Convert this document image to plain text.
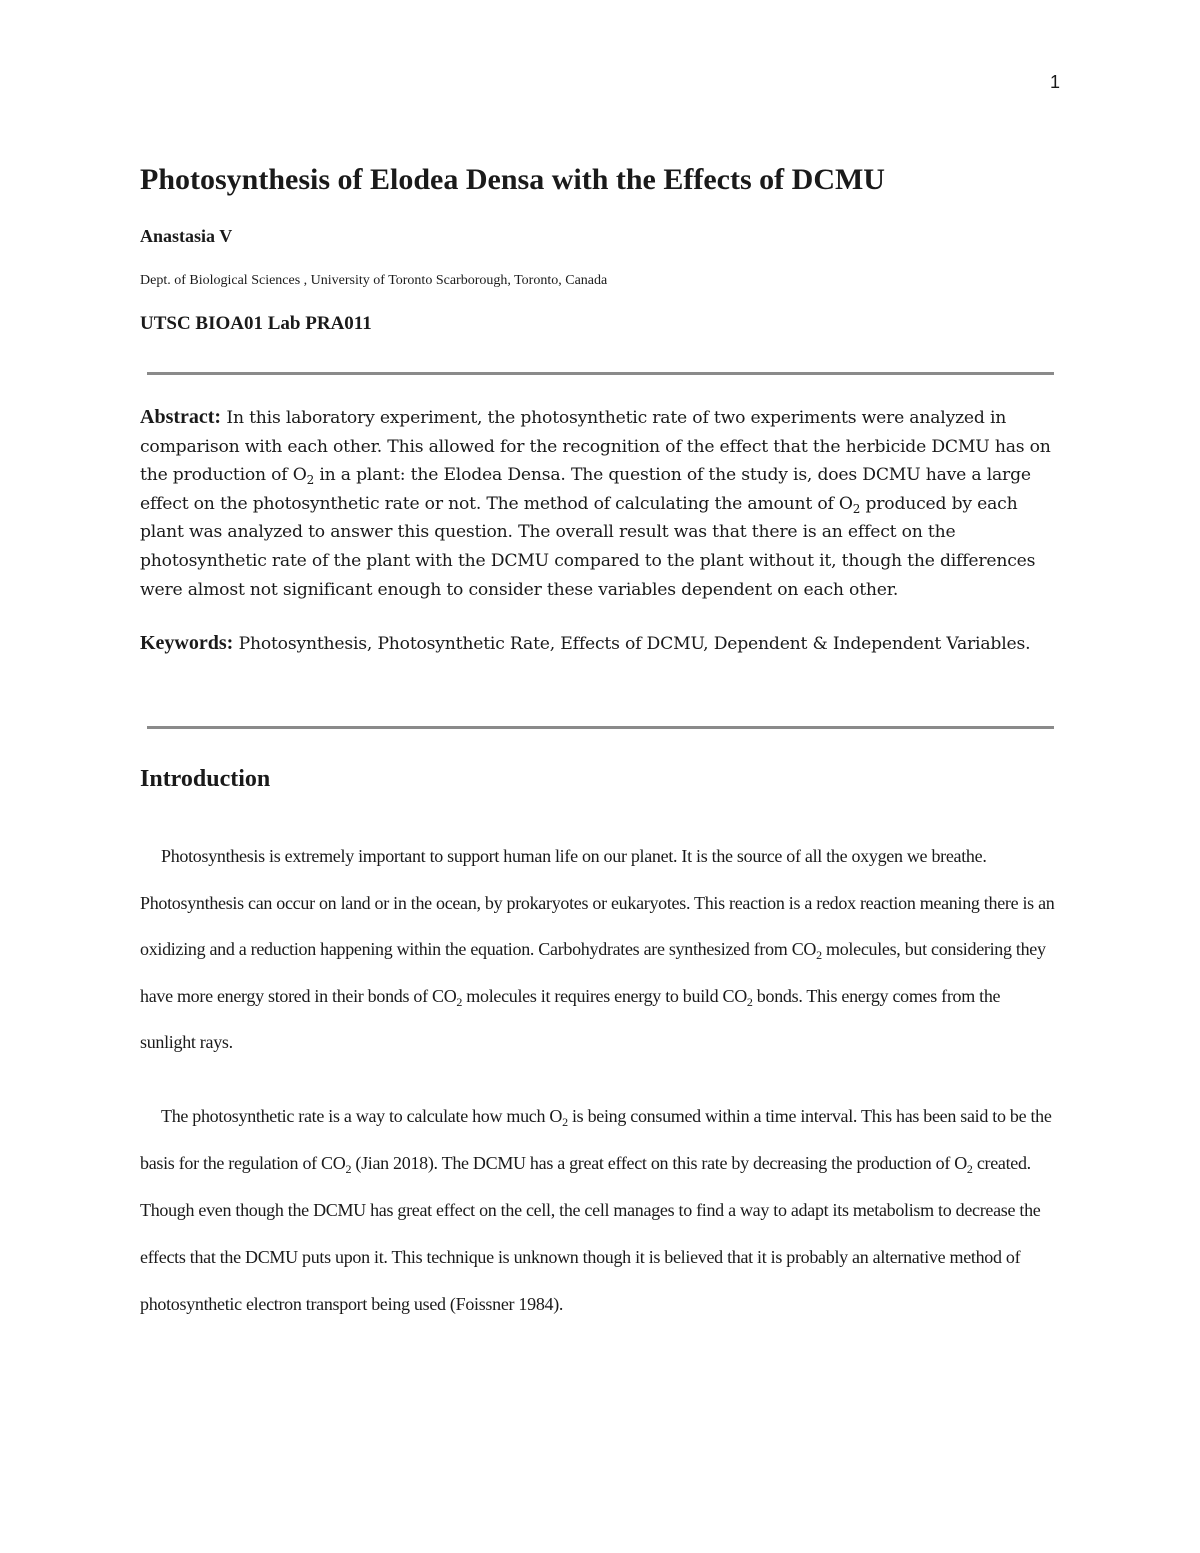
1
Photosynthesis of Elodea Densa with the Effects of DCMU
Anastasia V
Dept. of Biological Sciences , University of Toronto Scarborough, Toronto, Canada
UTSC BIOA01 Lab PRA011

Abstract: In this laboratory experiment, the photosynthetic rate of two experiments were analyzed in comparison with each other. This allowed for the recognition of the effect that the herbicide DCMU has on the production of $O_2$ in a plant: the Elodea Densa. The question of the study is, does DCMU have a large effect on the photosynthetic rate or not. The method of calculating the amount of $O_2$ produced by each plant was analyzed to answer this question. The overall result was that there is an effect on the photosynthetic rate of the plant with the DCMU compared to the plant without it, though the differences were almost not significant enough to consider these variables dependent on each other.

Keywords: Photosynthesis, Photosynthetic Rate, Effects of DCMU, Dependent & Independent Variables.

Introduction

Photosynthesis is extremely important to support human life on our planet. It is the source of all the oxygen we breathe. Photosynthesis can occur on land or in the ocean, by prokaryotes or eukaryotes. This reaction is a redox reaction meaning there is an oxidizing and a reduction happening within the equation. Carbohydrates are synthesized from $CO_2$ molecules, but considering they have more energy stored in their bonds of $CO_2$ molecules it requires energy to build $CO_2$ bonds. This energy comes from the sunlight rays.

The photosynthetic rate is a way to calculate how much $O_2$ is being consumed within a time interval. This has been said to be the basis for the regulation of $CO_2$ (Jian 2018). The DCMU has a great effect on this rate by decreasing the production of $O_2$ created. Though even though the DCMU has great effect on the cell, the cell manages to find a way to adapt its metabolism to decrease the effects that the DCMU puts upon it. This technique is unknown though it is believed that it is probably an alternative method of photosynthetic electron transport being used (Foissner 1984).
